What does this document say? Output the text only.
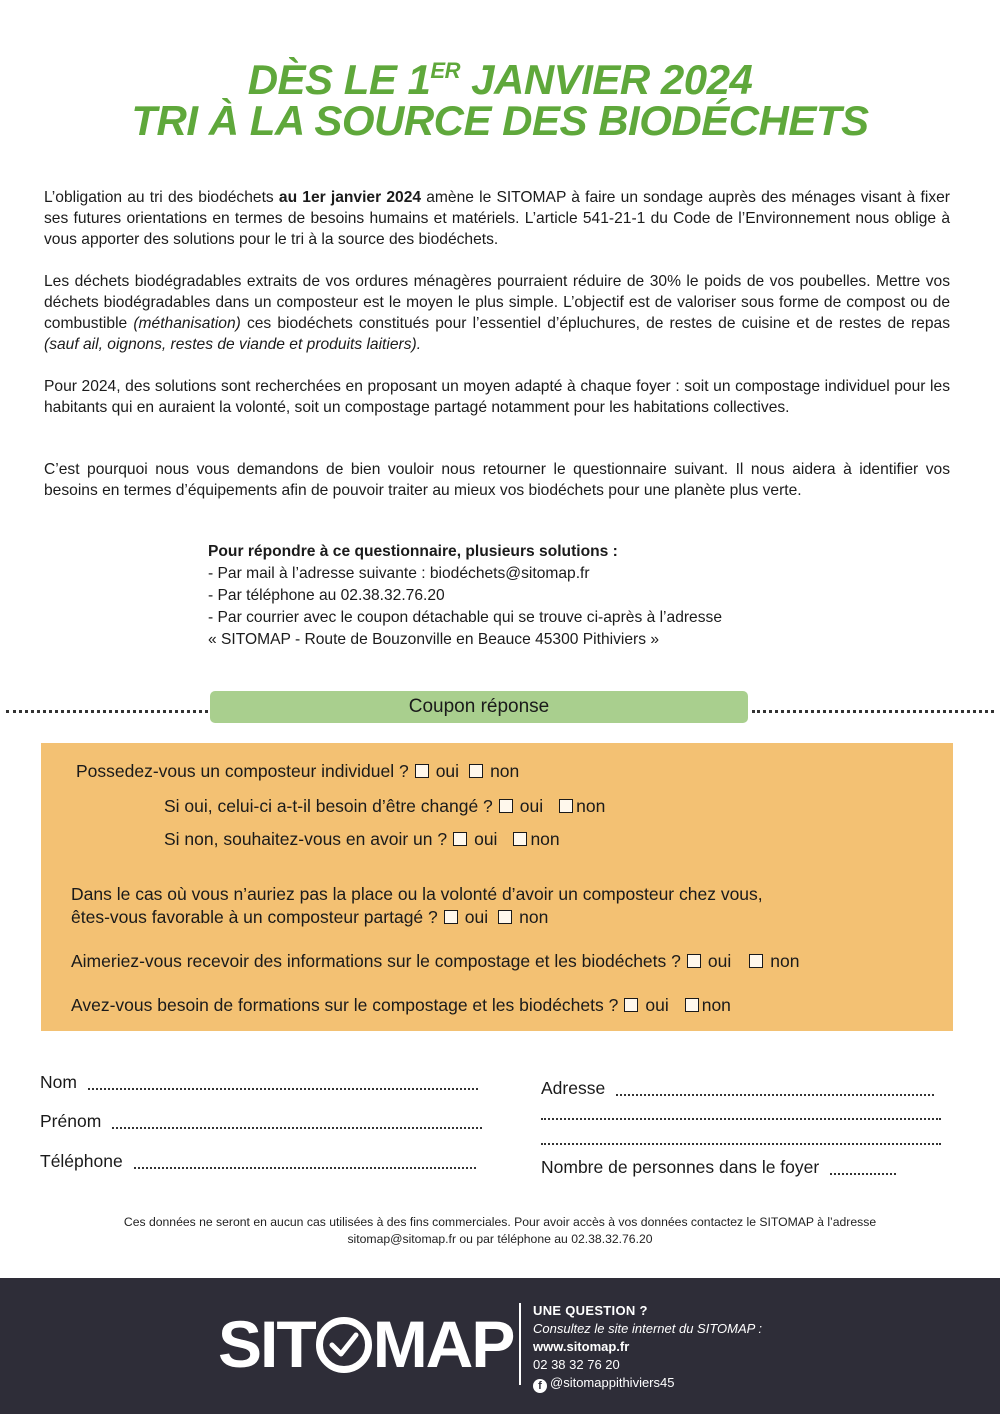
DÈS LE 1ER JANVIER 2024
TRI À LA SOURCE DES BIODÉCHETS

L’obligation au tri des biodéchets au 1er janvier 2024 amène le SITOMAP à faire un sondage auprès des ménages visant à fixer ses futures orientations en termes de besoins humains et matériels. L’article 541-21-1 du Code de l’Environnement nous oblige à vous apporter des solutions pour le tri à la source des biodéchets.

Les déchets biodégradables extraits de vos ordures ménagères pourraient réduire de 30% le poids de vos poubelles. Mettre vos déchets biodégradables dans un composteur est le moyen le plus simple. L’objectif est de valoriser sous forme de compost ou de combustible (méthanisation) ces biodéchets constitués pour l’essentiel d’épluchures, de restes de cuisine et de restes de repas (sauf ail, oignons, restes de viande et produits laitiers).

Pour 2024, des solutions sont recherchées en proposant un moyen adapté à chaque foyer : soit un compostage individuel pour les habitants qui en auraient la volonté, soit un compostage partagé notamment pour les habitations collectives.

C’est pourquoi nous vous demandons de bien vouloir nous retourner le questionnaire suivant. Il nous aidera à identifier vos besoins en termes d’équipements afin de pouvoir traiter au mieux vos biodéchets pour une planète plus verte.

Pour répondre à ce questionnaire, plusieurs solutions :
- Par mail à l’adresse suivante : biodéchets@sitomap.fr
- Par téléphone au 02.38.32.76.20
- Par courrier avec le coupon détachable qui se trouve ci-après à l’adresse
« SITOMAP - Route de Bouzonville en Beauce 45300 Pithiviers »
Coupon réponse
Possedez-vous un composteur individuel ? oui non
Si oui, celui-ci a-t-il besoin d’être changé ? oui non
Si non, souhaitez-vous en avoir un ? oui non
Dans le cas où vous n’auriez pas la place ou la volonté d’avoir un composteur chez vous,
êtes-vous favorable à un composteur partagé ? oui non
Aimeriez-vous recevoir des informations sur le compostage et les biodéchets ? oui non
Avez-vous besoin de formations sur le compostage et les biodéchets ? oui non
Nom
Prénom
Téléphone
Adresse
Nombre de personnes dans le foyer
Ces données ne seront en aucun cas utilisées à des fins commerciales. Pour avoir accès à vos données contactez le SITOMAP à l’adresse
sitomap@sitomap.fr ou par téléphone au 02.38.32.76.20
SIT MAP UNE QUESTION ?
Consultez le site internet du SITOMAP :
www.sitomap.fr
02 38 32 76 20
f @sitomappithiviers45
